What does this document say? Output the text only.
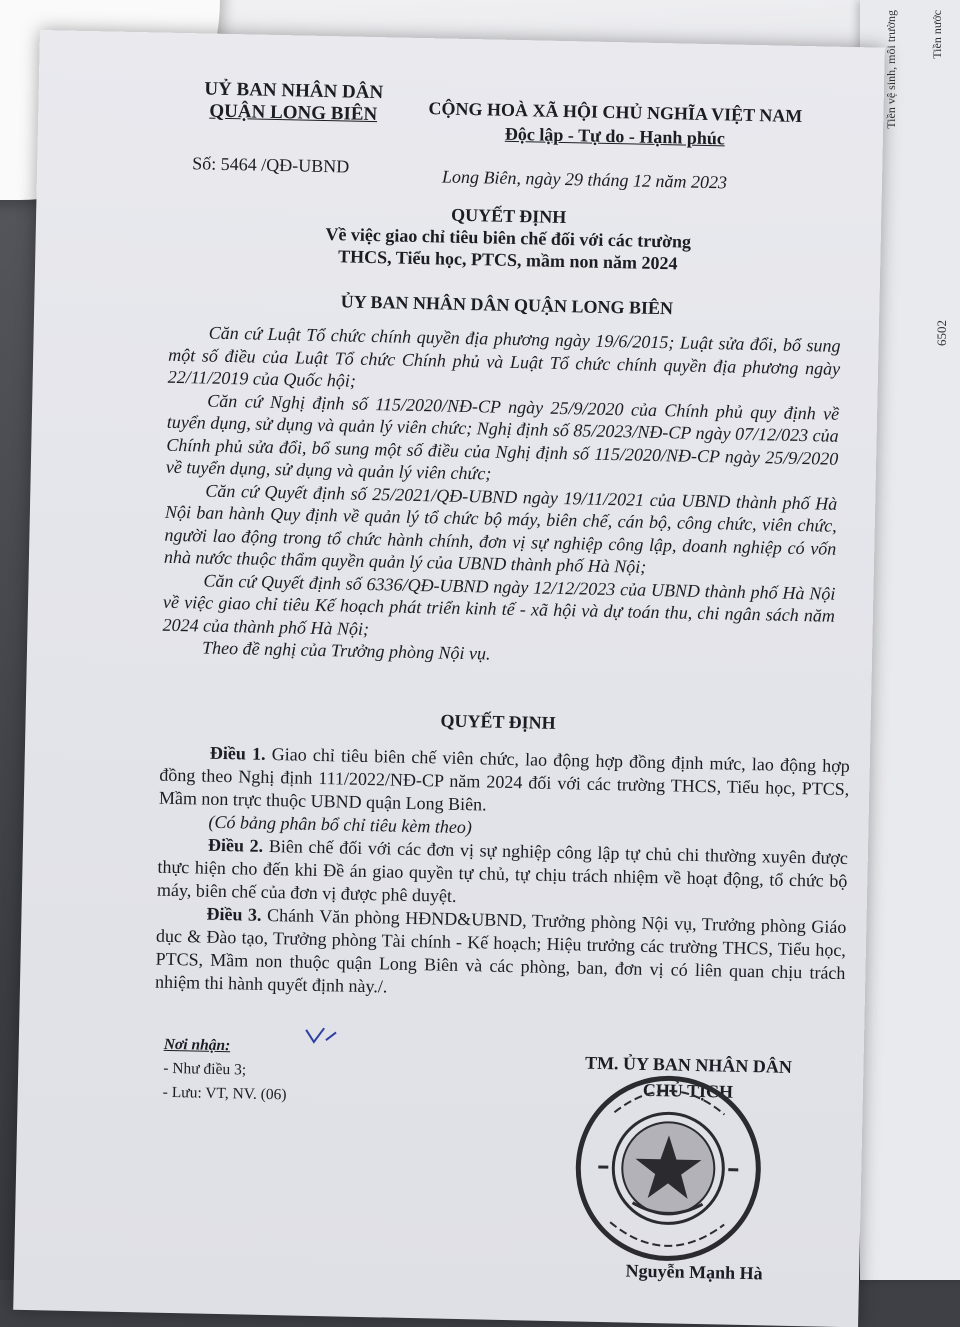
Tiền nước
Tiền vệ sinh, môi trường
6502
UỶ BAN NHÂN DÂN
QUẬN LONG BIÊN	CỘNG HOÀ XÃ HỘI CHỦ NGHĨA VIỆT NAM
Độc lập - Tự do - Hạnh phúc
Số: 5464 /QĐ-UBND
Long Biên, ngày 29 tháng 12 năm 2023
QUYẾT ĐỊNH
Về việc giao chỉ tiêu biên chế đối với các trường
THCS, Tiểu học, PTCS, mầm non năm 2024
ỦY BAN NHÂN DÂN QUẬN LONG BIÊN

Căn cứ Luật Tổ chức chính quyền địa phương ngày 19/6/2015; Luật sửa đổi, bổ sung một số điều của Luật Tổ chức Chính phủ và Luật Tổ chức chính quyền địa phương ngày 22/11/2019 của Quốc hội;

Căn cứ Nghị định số 115/2020/NĐ-CP ngày 25/9/2020 của Chính phủ quy định về tuyển dụng, sử dụng và quản lý viên chức; Nghị định số 85/2023/NĐ-CP ngày 07/12/023 của Chính phủ sửa đổi, bổ sung một số điều của Nghị định số 115/2020/NĐ-CP ngày 25/9/2020 về tuyển dụng, sử dụng và quản lý viên chức;

Căn cứ Quyết định số 25/2021/QĐ-UBND ngày 19/11/2021 của UBND thành phố Hà Nội ban hành Quy định về quản lý tổ chức bộ máy, biên chế, cán bộ, công chức, viên chức, người lao động trong tổ chức hành chính, đơn vị sự nghiệp công lập, doanh nghiệp có vốn nhà nước thuộc thẩm quyền quản lý của UBND thành phố Hà Nội;

Căn cứ Quyết định số 6336/QĐ-UBND ngày 12/12/2023 của UBND thành phố Hà Nội về việc giao chỉ tiêu Kế hoạch phát triển kinh tế - xã hội và dự toán thu, chi ngân sách năm 2024 của thành phố Hà Nội;

Theo đề nghị của Trưởng phòng Nội vụ.

QUYẾT ĐỊNH

Điều 1. Giao chỉ tiêu biên chế viên chức, lao động hợp đồng định mức, lao động hợp đồng theo Nghị định 111/2022/NĐ-CP năm 2024 đối với các trường THCS, Tiểu học, PTCS, Mầm non trực thuộc UBND quận Long Biên.

(Có bảng phân bổ chỉ tiêu kèm theo)

Điều 2. Biên chế đối với các đơn vị sự nghiệp công lập tự chủ chi thường xuyên được thực hiện cho đến khi Đề án giao quyền tự chủ, tự chịu trách nhiệm về hoạt động, tổ chức bộ máy, biên chế của đơn vị được phê duyệt.

Điều 3. Chánh Văn phòng HĐND&UBND, Trưởng phòng Nội vụ, Trưởng phòng Giáo dục & Đào tạo, Trưởng phòng Tài chính - Kế hoạch; Hiệu trưởng các trường THCS, Tiểu học, PTCS, Mầm non thuộc quận Long Biên và các phòng, ban, đơn vị có liên quan chịu trách nhiệm thi hành quyết định này./.

Nơi nhận:
- Như điều 3;
- Lưu: VT, NV. (06)
TM. ỦY BAN NHÂN DÂN
CHỦ TỊCH
Nguyễn Mạnh Hà
